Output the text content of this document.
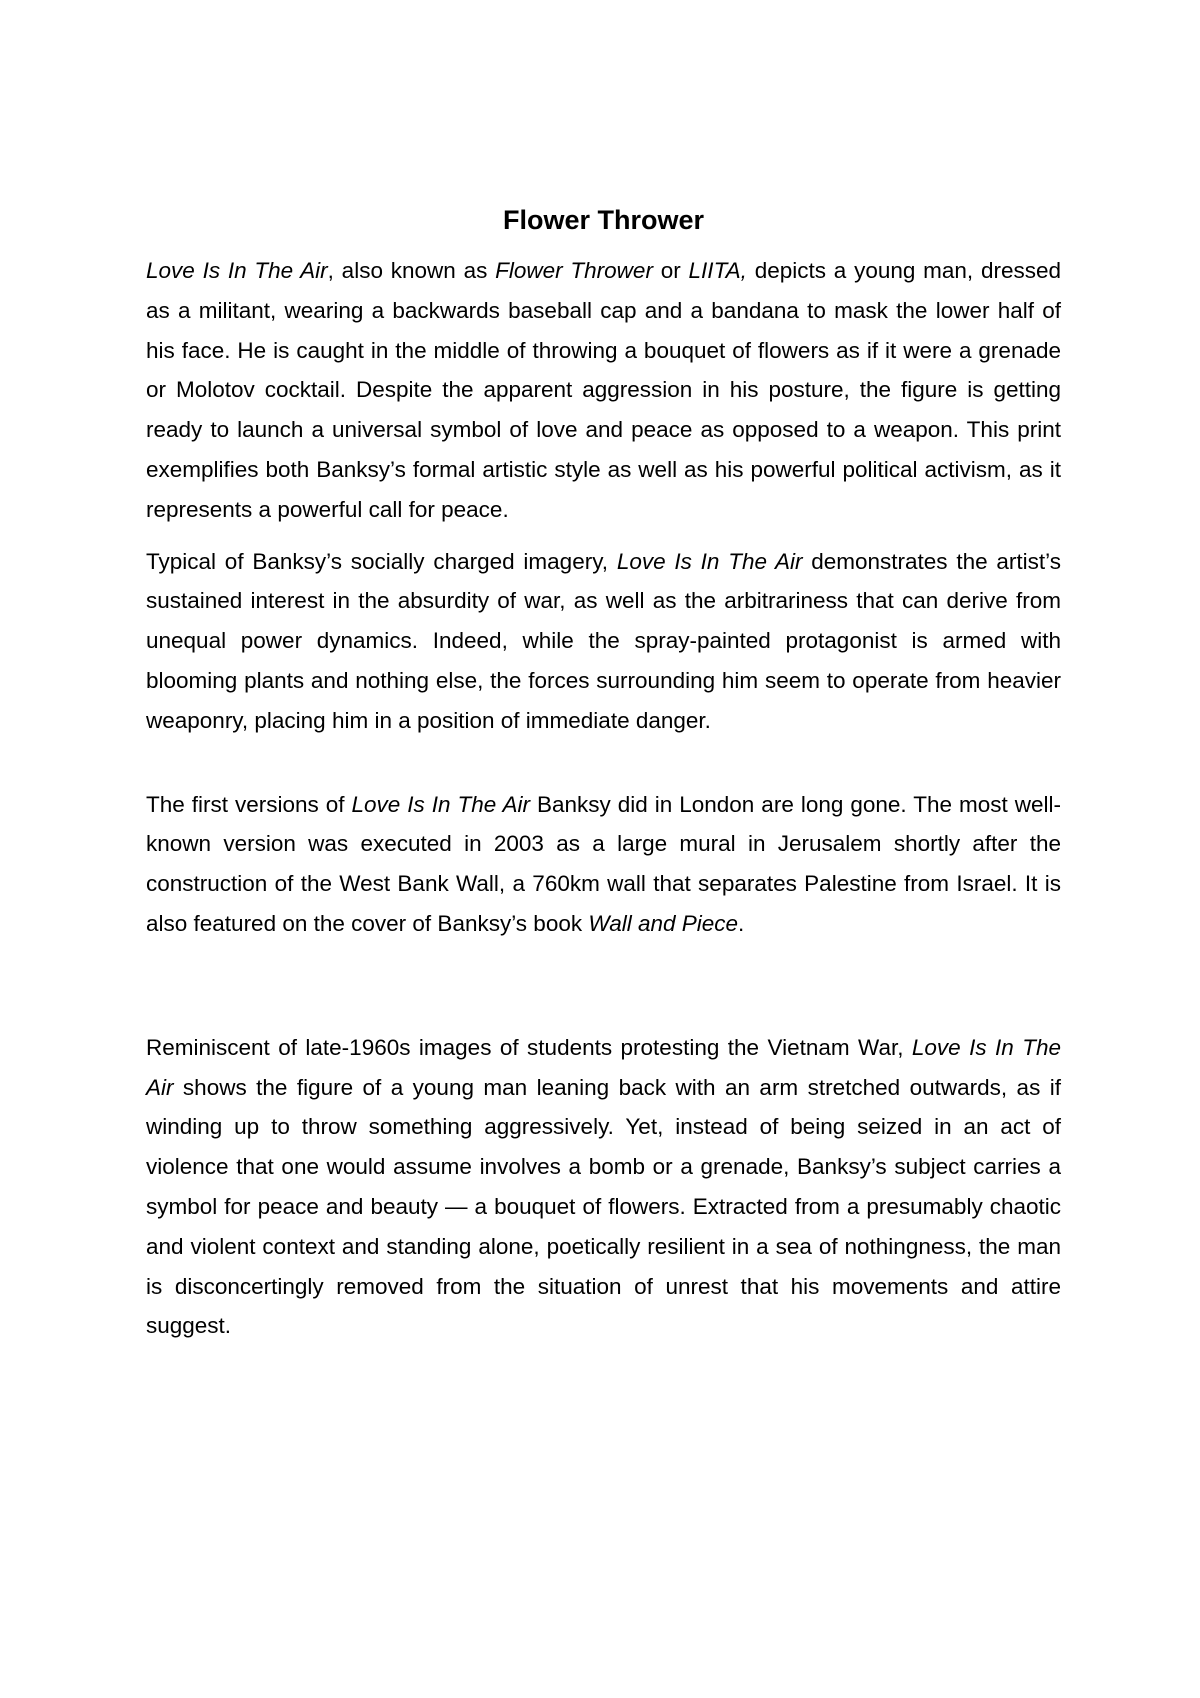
Flower Thrower

Love Is In The Air, also known as Flower Thrower or LIITA, depicts a young man, dressed as a militant, wearing a backwards baseball cap and a bandana to mask the lower half of his face. He is caught in the middle of throwing a bouquet of flowers as if it were a grenade or Molotov cocktail. Despite the apparent aggression in his posture, the figure is getting ready to launch a universal symbol of love and peace as opposed to a weapon. This print exemplifies both Banksy’s formal artistic style as well as his powerful political activism, as it represents a powerful call for peace.

Typical of Banksy’s socially charged imagery, Love Is In The Air demonstrates the artist’s sustained interest in the absurdity of war, as well as the arbitrariness that can derive from unequal power dynamics. Indeed, while the spray-painted protagonist is armed with blooming plants and nothing else, the forces surrounding him seem to operate from heavier weaponry, placing him in a position of immediate danger.

The first versions of Love Is In The Air Banksy did in London are long gone. The most well-known version was executed in 2003 as a large mural in Jerusalem shortly after the construction of the West Bank Wall, a 760km wall that separates Palestine from Israel. It is also featured on the cover of Banksy’s book Wall and Piece.

Reminiscent of late-1960s images of students protesting the Vietnam War, Love Is In The Air shows the figure of a young man leaning back with an arm stretched outwards, as if winding up to throw something aggressively. Yet, instead of being seized in an act of violence that one would assume involves a bomb or a grenade, Banksy’s subject carries a symbol for peace and beauty — a bouquet of flowers. Extracted from a presumably chaotic and violent context and standing alone, poetically resilient in a sea of nothingness, the man is disconcertingly removed from the situation of unrest that his movements and attire suggest.
